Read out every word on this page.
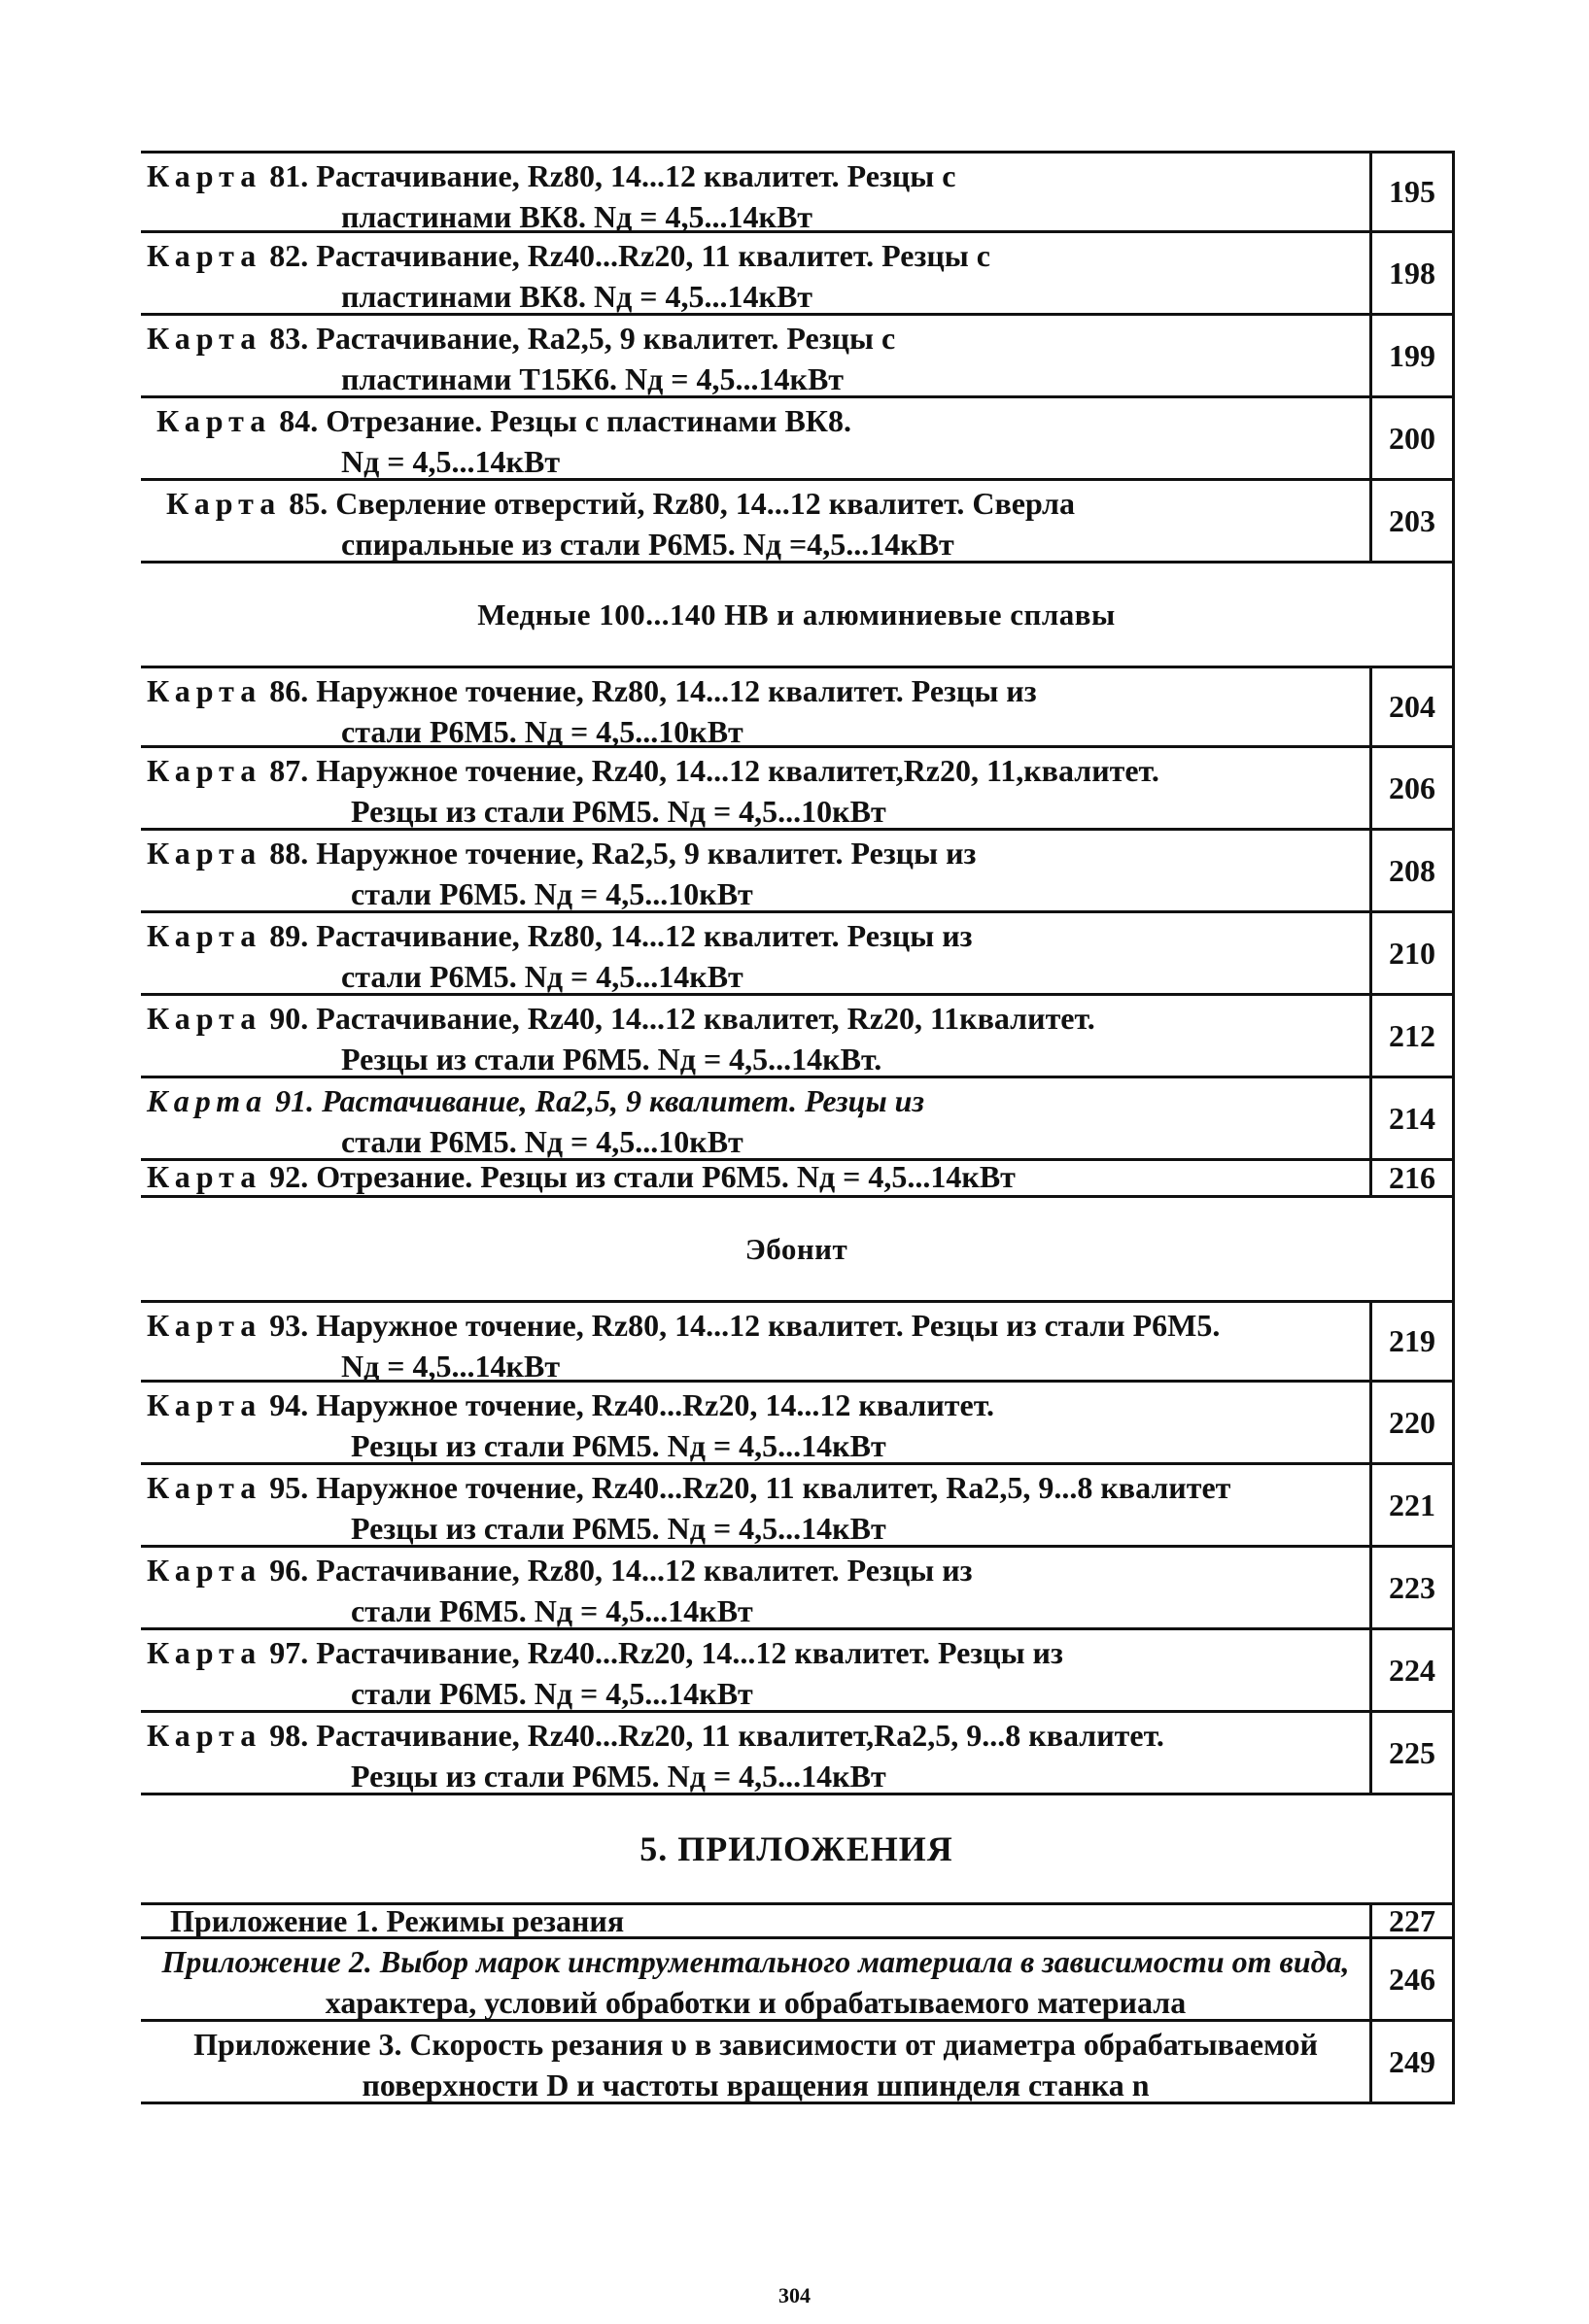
Карта 81. Растачивание, Rz80, 14...12 квалитет. Резцы с
пластинами ВК8. Nд = 4,5...14кВт
195
Карта 82. Растачивание, Rz40...Rz20, 11 квалитет. Резцы с
пластинами ВК8. Nд = 4,5...14кВт
198
Карта 83. Растачивание, Ra2,5, 9 квалитет. Резцы с
пластинами Т15К6. Nд = 4,5...14кВт
199
Карта 84. Отрезание. Резцы с пластинами ВК8.
Nд = 4,5...14кВт
200
Карта 85. Сверление отверстий, Rz80, 14...12 квалитет. Сверла
спиральные из стали Р6М5. Nд =4,5...14кВт
203
Медные 100...140 НВ и алюминиевые сплавы
Карта 86. Наружное точение, Rz80, 14...12 квалитет. Резцы из
стали Р6М5. Nд = 4,5...10кВт
204
Карта 87. Наружное точение, Rz40, 14...12 квалитет,Rz20, 11,квалитет.
Резцы из стали Р6М5. Nд = 4,5...10кВт
206
Карта 88. Наружное точение, Ra2,5, 9 квалитет. Резцы из
стали Р6М5. Nд = 4,5...10кВт
208
Карта 89. Растачивание, Rz80, 14...12 квалитет. Резцы из
стали Р6М5. Nд = 4,5...14кВт
210
Карта 90. Растачивание, Rz40, 14...12 квалитет, Rz20, 11квалитет.
Резцы из стали Р6М5. Nд = 4,5...14кВт.
212
Карта 91. Растачивание, Ra2,5, 9 квалитет. Резцы из
стали Р6М5. Nд = 4,5...10кВт
214
Карта 92. Отрезание. Резцы из стали Р6М5. Nд = 4,5...14кВт	216
Эбонит
Карта 93. Наружное точение, Rz80, 14...12 квалитет. Резцы из стали Р6М5.
Nд = 4,5...14кВт
219
Карта 94. Наружное точение, Rz40...Rz20, 14...12 квалитет.
Резцы из стали Р6М5. Nд = 4,5...14кВт
220
Карта 95. Наружное точение, Rz40...Rz20, 11 квалитет, Ra2,5, 9...8 квалитет
Резцы из стали Р6М5. Nд = 4,5...14кВт
221
Карта 96. Растачивание, Rz80, 14...12 квалитет. Резцы из
стали Р6М5. Nд = 4,5...14кВт
223
Карта 97. Растачивание, Rz40...Rz20, 14...12 квалитет. Резцы из
стали Р6М5. Nд = 4,5...14кВт
224
Карта 98. Растачивание, Rz40...Rz20, 11 квалитет,Ra2,5, 9...8 квалитет.
Резцы из стали Р6М5. Nд = 4,5...14кВт
225
5. ПРИЛОЖЕНИЯ
Приложение 1. Режимы резания	227
Приложение 2. Выбор марок инструментального материала в зависимости от вида,
характера, условий обработки и обрабатываемого материала
246
Приложение 3. Скорость резания υ в зависимости от диаметра обрабатываемой
поверхности D и частоты вращения шпинделя станка n
249
304
